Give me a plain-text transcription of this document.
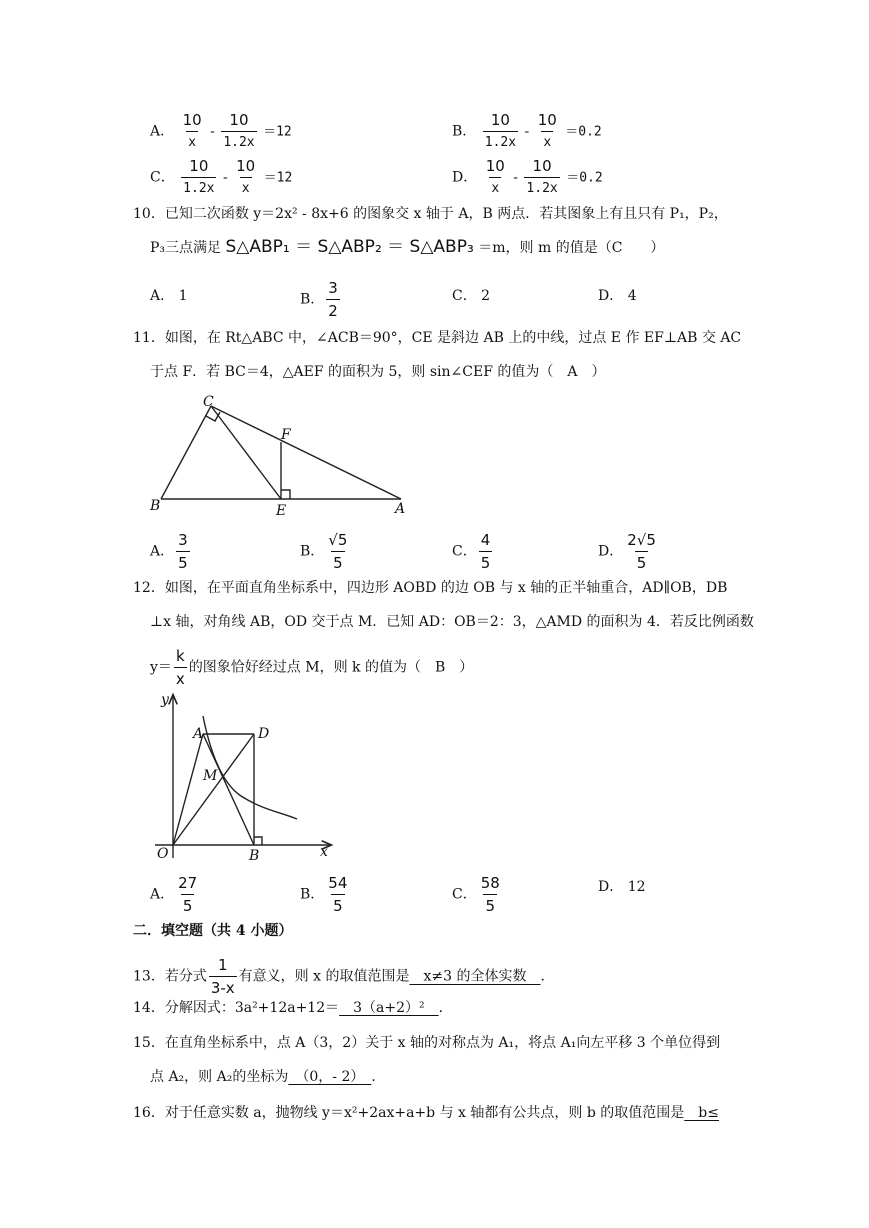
A． $\frac{10}{x} - \frac{10}{1.2x} =12$	B． $\frac{10}{1.2x} - \frac{10}{x} =0.2$
C． $\frac{10}{1.2x} - \frac{10}{x} =12$	D． $\frac{10}{x} - \frac{10}{1.2x} =0.2$
10．已知二次函数 y＝2x² - 8x+6 的图象交 x 轴于 A，B 两点．若其图象上有且只有 P₁，P₂，
P₃三点满足 S△ABP₁ ＝ S△ABP₂ ＝ S△ABP₃ ＝m，则 m 的值是（C　　）
A． 1	B． $\frac{3}{2}$	C． 2	D． 4
11．如图，在 Rt△ABC 中，∠ACB＝90°，CE 是斜边 AB 上的中线，过点 E 作 EF⊥AB 交 AC
于点 F．若 BC＝4，△AEF 的面积为 5，则 sin∠CEF 的值为（　A　）
C
F
B	E	A
A． $\frac{3}{5}$	B． $\frac{√5}{5}$	C． $\frac{4}{5}$	D． $\frac{2√5}{5}$
12．如图，在平面直角坐标系中，四边形 AOBD 的边 OB 与 x 轴的正半轴重合，AD∥OB，DB
⊥x 轴，对角线 AB，OD 交于点 M．已知 AD：OB＝2：3，△AMD 的面积为 4．若反比例函数
$y= \frac{k}{x}$ 的图象恰好经过点 M，则 k 的值为（　B　）
y
A	D
M
O	B	x
A． $\frac{27}{5}$	B． $\frac{54}{5}$	C． $\frac{58}{5}$	D． 12
二．填空题（共 4 小题）
13．若分式 $\frac{1}{3-x}$ 有意义，则 x 的取值范围是　x≠3 的全体实数　．
14．分解因式：3a²+12a+12＝　3（a+2）²　．
15．在直角坐标系中，点 A（3，2）关于 x 轴的对称点为 A₁，将点 A₁向左平移 3 个单位得到
点 A₂，则 A₂的坐标为　（0，- 2）　．
16．对于任意实数 a，抛物线 y＝x²+2ax+a+b 与 x 轴都有公共点，则 b 的取值范围是　b≤
